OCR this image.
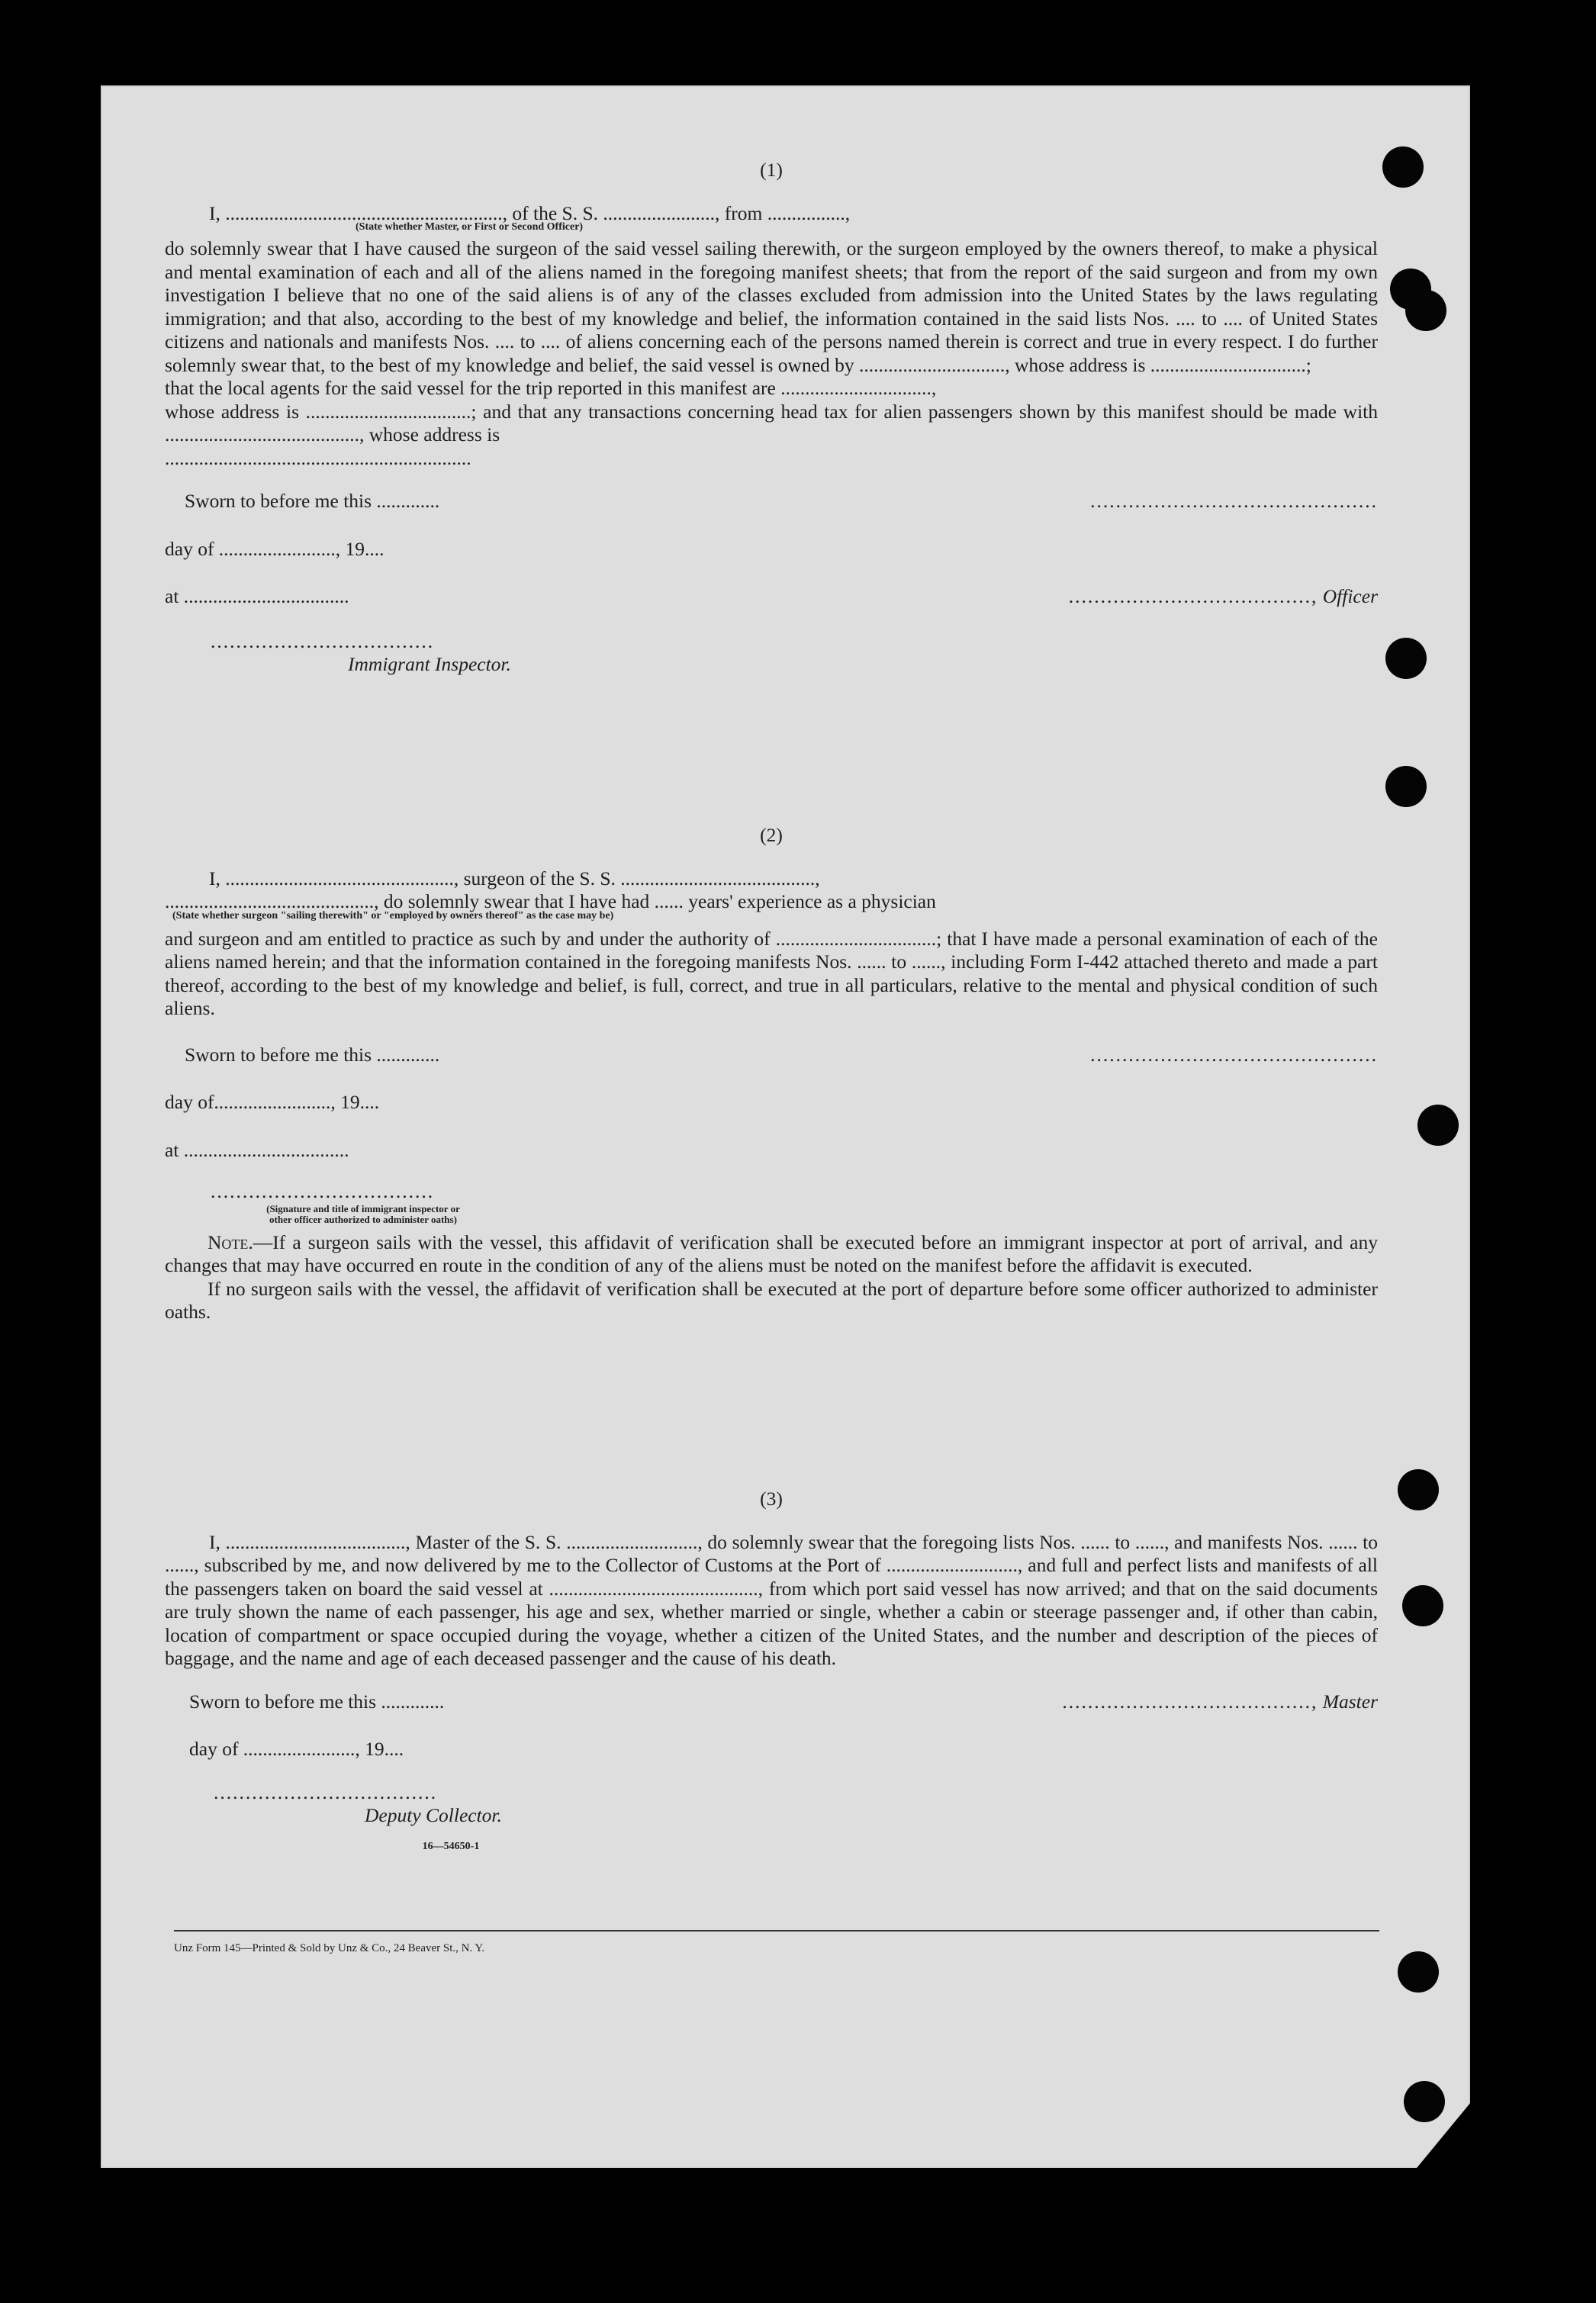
(1)
I, ........................................................., of the S. S. ......................., from ................,
(State whether Master, or First or Second Officer)

do solemnly swear that I have caused the surgeon of the said vessel sailing therewith, or the surgeon employed by the owners thereof, to make a physical and mental examination of each and all of the aliens named in the foregoing manifest sheets; that from the report of the said surgeon and from my own investigation I believe that no one of the said aliens is of any of the classes excluded from admission into the United States by the laws regulating immigration; and that also, according to the best of my knowledge and belief, the information contained in the said lists Nos. .... to .... of United States citizens and nationals and manifests Nos. .... to .... of aliens concerning each of the persons named therein is correct and true in every respect. I do further solemnly swear that, to the best of my knowledge and belief, the said vessel is owned by .............................., whose address is ................................;

that the local agents for the said vessel for the trip reported in this manifest are ...............................,

whose address is ..................................; and that any transactions concerning head tax for alien passengers shown by this manifest should be made with ........................................, whose address is

...............................................................

Sworn to before me this .............	.............................................
day of ........................, 19....
at ..................................	......................................, Officer
...................................
Immigrant Inspector.
(2)
I, ..............................................., surgeon of the S. S. ........................................,
..........................................., do solemnly swear that I have had ...... years' experience as a physician
(State whether surgeon "sailing therewith" or "employed by owners thereof" as the case may be)

and surgeon and am entitled to practice as such by and under the authority of .................................; that I have made a personal examination of each of the aliens named herein; and that the information contained in the foregoing manifests Nos. ...... to ......, including Form I-442 attached thereto and made a part thereof, according to the best of my knowledge and belief, is full, correct, and true in all particulars, relative to the mental and physical condition of such aliens.

Sworn to before me this .............	.............................................
day of........................, 19....
at ..................................
...................................
(Signature and title of immigrant inspector or
other officer authorized to administer oaths)

Note.—If a surgeon sails with the vessel, this affidavit of verification shall be executed before an immigrant inspector at port of arrival, and any changes that may have occurred en route in the condition of any of the aliens must be noted on the manifest before the affidavit is executed.

If no surgeon sails with the vessel, the affidavit of verification shall be executed at the port of departure before some officer authorized to administer oaths.

(3)

I, ....................................., Master of the S. S. ..........................., do solemnly swear that the foregoing lists Nos. ...... to ......, and manifests Nos. ...... to ......, subscribed by me, and now delivered by me to the Collector of Customs at the Port of ..........................., and full and perfect lists and manifests of all the passengers taken on board the said vessel at ..........................................., from which port said vessel has now arrived; and that on the said documents are truly shown the name of each passenger, his age and sex, whether married or single, whether a cabin or steerage passenger and, if other than cabin, location of compartment or space occupied during the voyage, whether a citizen of the United States, and the number and description of the pieces of baggage, and the name and age of each deceased passenger and the cause of his death.

Sworn to before me this .............	......................................., Master
day of ......................., 19....
...................................
Deputy Collector.
16—54650-1
Unz Form 145—Printed & Sold by Unz & Co., 24 Beaver St., N. Y.
